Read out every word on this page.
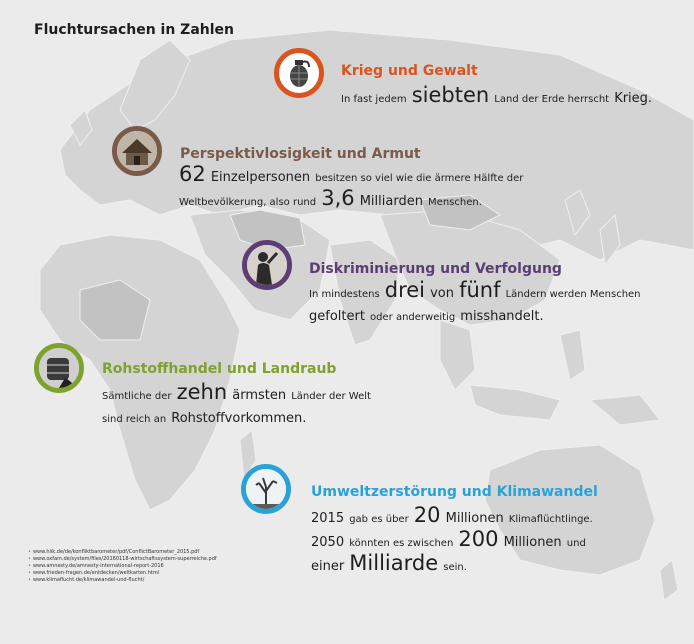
Fluchtursachen in Zahlen
Krieg und Gewalt
In fast jedem siebten Land der Erde herrscht Krieg.
Perspektivlosigkeit und Armut
62 Einzelpersonen besitzen so viel wie die ärmere Hälfte der
Weltbevölkerung, also rund 3,6 Milliarden Menschen.
Diskriminierung und Verfolgung
In mindestens drei von fünf Ländern werden Menschen
gefoltert oder anderweitig misshandelt.
Rohstoffhandel und Landraub
Sämtliche der zehn ärmsten Länder der Welt
sind reich an Rohstoffvorkommen.
Umweltzerstörung und Klimawandel
2015 gab es über 20 Millionen Klimaflüchtlinge.
2050 könnten es zwischen 200 Millionen und
einer Milliarde sein.
• www.hiik.de/de/konfliktbarometer/pdf/ConflictBarometer_2015.pdf
• www.oxfam.de/system/files/20160118-wirtschaftssystem-superreiche.pdf
• www.amnesty.de/amnesty-international-report-2016
• www.frieden-fragen.de/entdecken/weltkarten.html
• www.klimaflucht.de/klimawandel-und-flucht/
